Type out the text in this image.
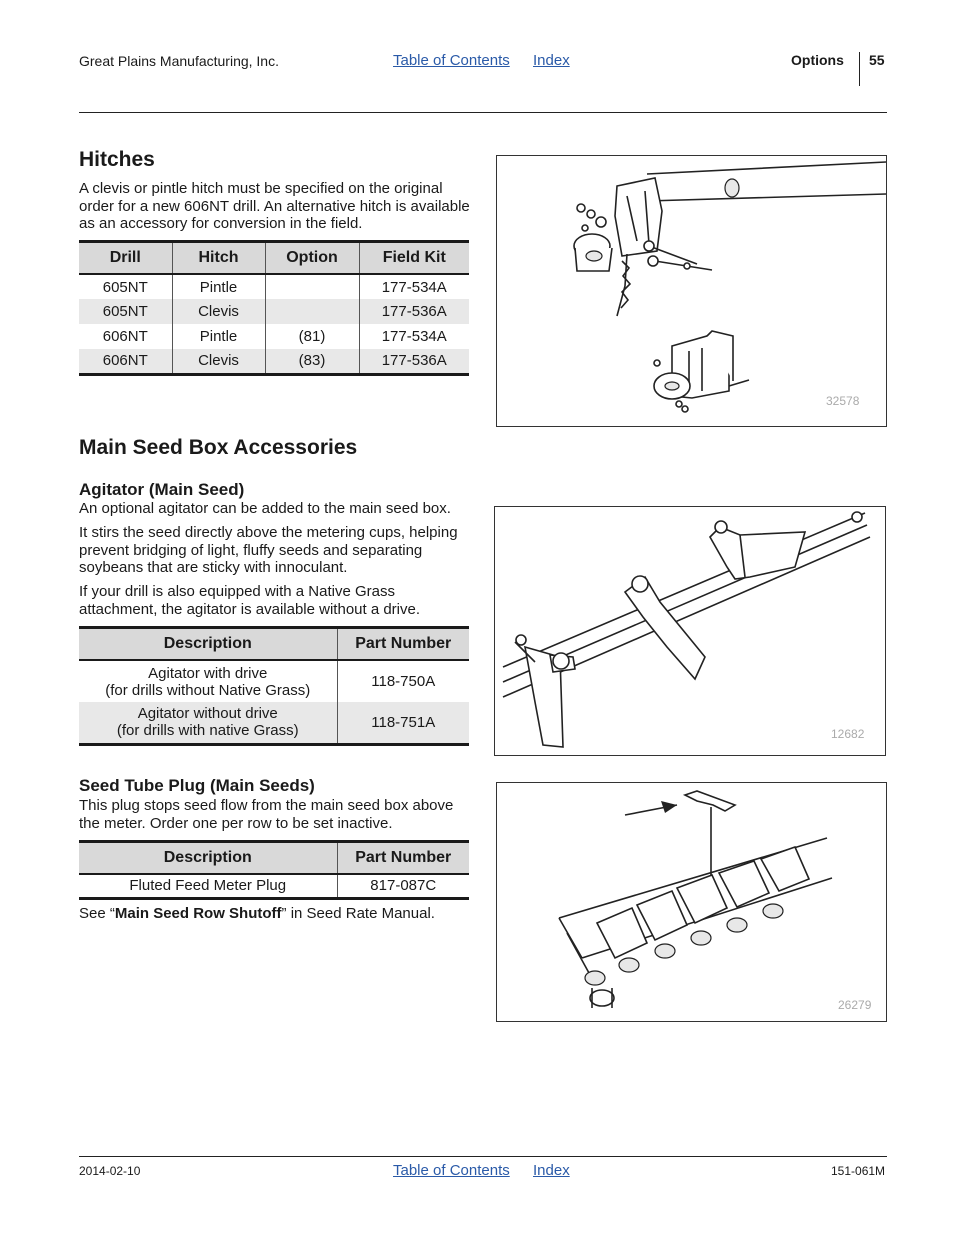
Great Plains Manufacturing, Inc.	Table of Contents Index	Options 55
Hitches

A clevis or pintle hitch must be specified on the original order for a new 606NT drill. An alternative hitch is available as an accessory for conversion in the field.

Drill	Hitch	Option	Field Kit
605NT	Pintle		177-534A
605NT	Clevis		177-536A
606NT	Pintle	(81)	177-534A
606NT	Clevis	(83)	177-536A
32578
Main Seed Box Accessories
Agitator (Main Seed)

An optional agitator can be added to the main seed box.

It stirs the seed directly above the metering cups, helping prevent bridging of light, fluffy seeds and separating soybeans that are sticky with innoculant.

If your drill is also equipped with a Native Grass attachment, the agitator is available without a drive.

Description	Part Number

Agitator with drive
(for drills without Native Grass)	118-750A

Agitator without drive
(for drills with native Grass)	118-751A
12682
Seed Tube Plug (Main Seeds)

This plug stops seed flow from the main seed box above the meter. Order one per row to be set inactive.

Description	Part Number
Fluted Feed Meter Plug	817-087C

See “Main Seed Row Shutoff” in Seed Rate Manual.

26279
2014-02-10	Table of Contents Index	151-061M
